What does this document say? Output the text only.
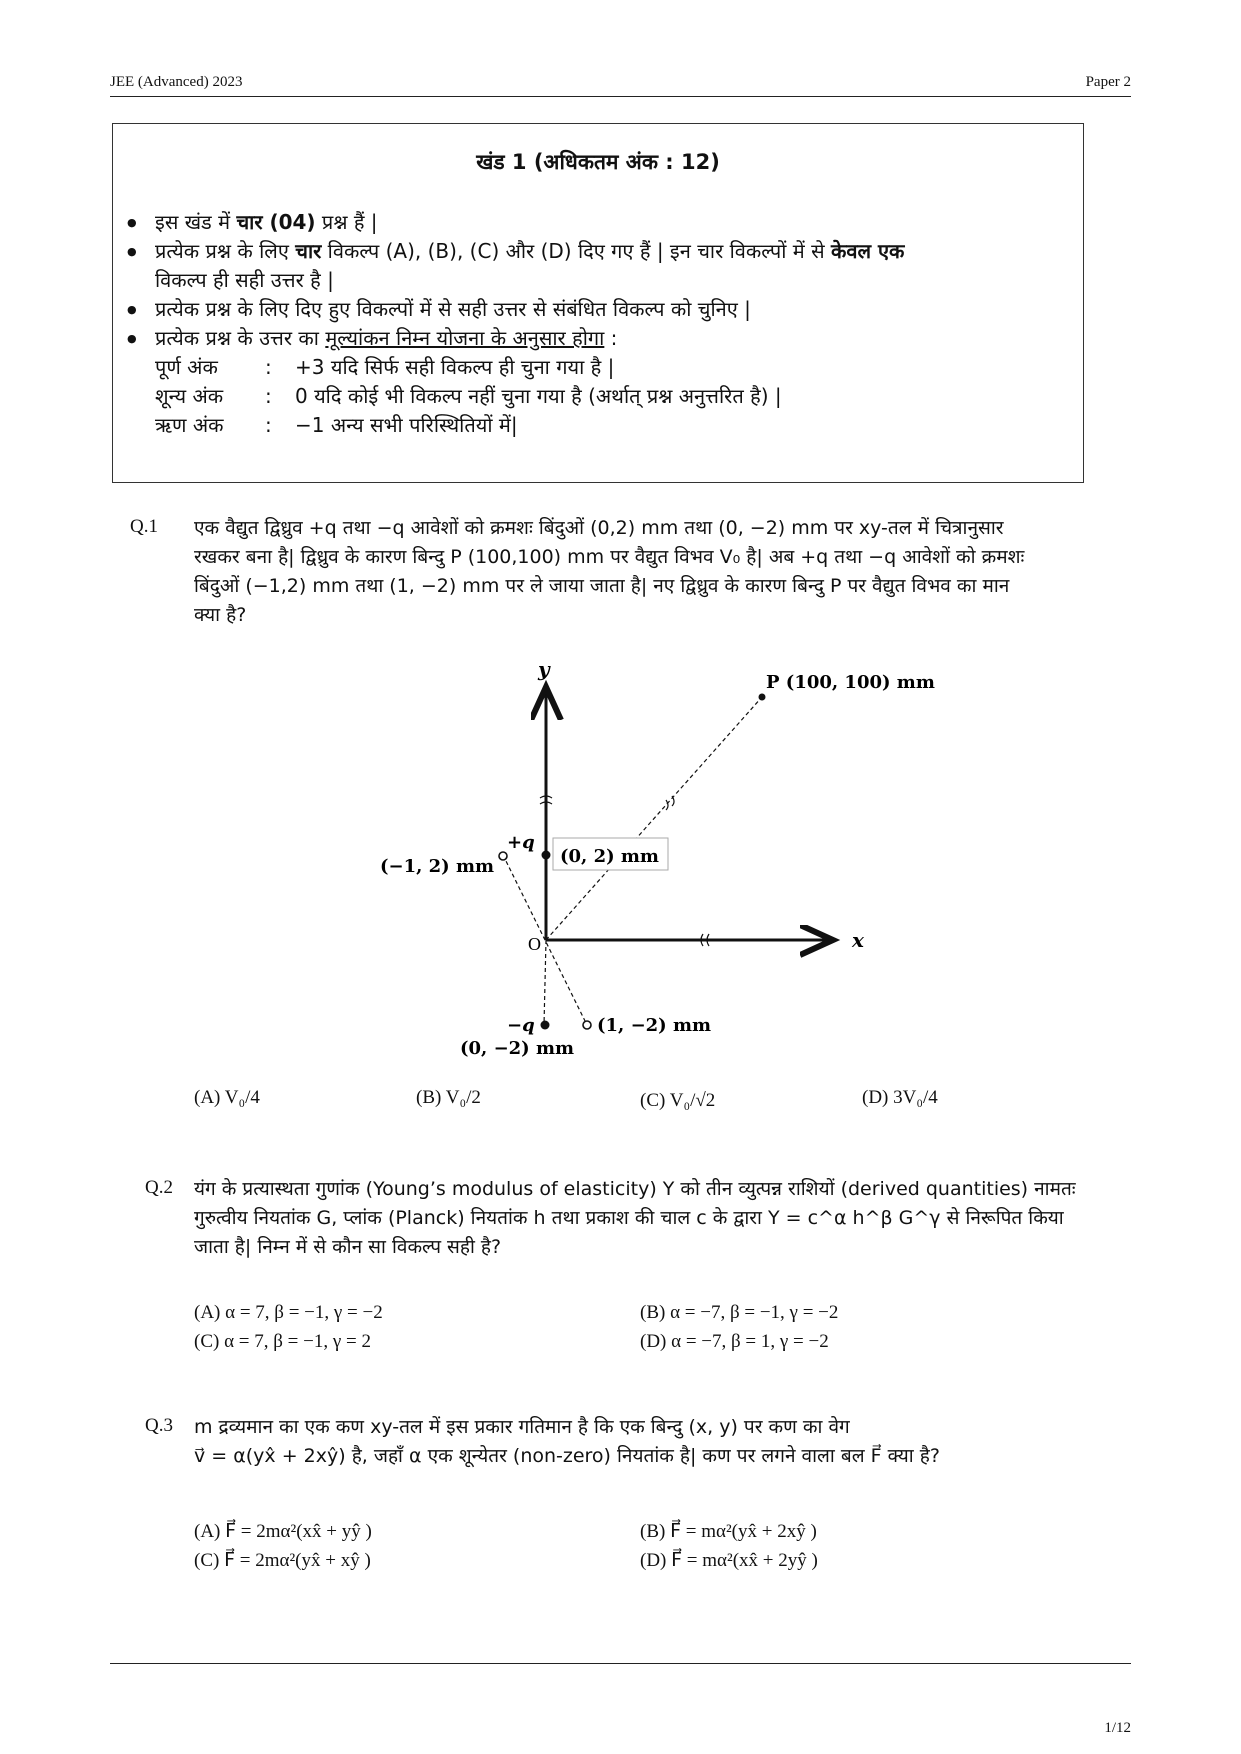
JEE (Advanced) 2023	Paper 2
खंड 1 (अधिकतम अंक : 12)
● इस खंड में चार (04) प्रश्न हैं |
● प्रत्येक प्रश्न के लिए चार विकल्प (A), (B), (C) और (D) दिए गए हैं | इन चार विकल्पों में से केवल एक
विकल्प ही सही उत्तर है |
● प्रत्येक प्रश्न के लिए दिए हुए विकल्पों में से सही उत्तर से संबंधित विकल्प को चुनिए |
● प्रत्येक प्रश्न के उत्तर का मूल्यांकन निम्न योजना के अनुसार होगा :
पूर्ण अंक	:	+3 यदि सिर्फ सही विकल्प ही चुना गया है |
शून्य अंक	:	0 यदि कोई भी विकल्प नहीं चुना गया है (अर्थात् प्रश्न अनुत्तरित है) |
ऋण अंक	:	−1 अन्य सभी परिस्थितियों में|
Q.1 एक वैद्युत द्विध्रुव +q तथा −q आवेशों को क्रमशः बिंदुओं (0,2) mm तथा (0, −2) mm पर xy-तल में चित्रानुसार
रखकर बना है| द्विध्रुव के कारण बिन्दु P (100,100) mm पर वैद्युत विभव V₀ है| अब +q तथा −q आवेशों को क्रमशः
बिंदुओं (−1,2) mm तथा (1, −2) mm पर ले जाया जाता है| नए द्विध्रुव के कारण बिन्दु P पर वैद्युत विभव का मान
क्या है?
y
x
O
P (100, 100) mm
+q
(0, 2) mm
(−1, 2) mm
−q	(1, −2) mm
(0, −2) mm
(A) V₀/4	(B) V₀/2	(C) V₀/√2	(D) 3V₀/4
Q.2 यंग के प्रत्यास्थता गुणांक (Young’s modulus of elasticity) Y को तीन व्युत्पन्न राशियों (derived quantities) नामतः
गुरुत्वीय नियतांक G, प्लांक (Planck) नियतांक h तथा प्रकाश की चाल c के द्वारा Y = c^α h^β G^γ से निरूपित किया
जाता है| निम्न में से कौन सा विकल्प सही है?
(A) α = 7, β = −1, γ = −2	(B) α = −7, β = −1, γ = −2
(C) α = 7, β = −1, γ = 2	(D) α = −7, β = 1, γ = −2
Q.3 m द्रव्यमान का एक कण xy-तल में इस प्रकार गतिमान है कि एक बिन्दु (x, y) पर कण का वेग
v⃗ = α(yx̂ + 2xŷ) है, जहाँ α एक शून्येतर (non-zero) नियतांक है| कण पर लगने वाला बल F⃗ क्या है?
(A) F⃗ = 2mα²(xx̂ + yŷ )	(B) F⃗ = mα²(yx̂ + 2xŷ )
(C) F⃗ = 2mα²(yx̂ + xŷ )	(D) F⃗ = mα²(xx̂ + 2yŷ )
1/12
